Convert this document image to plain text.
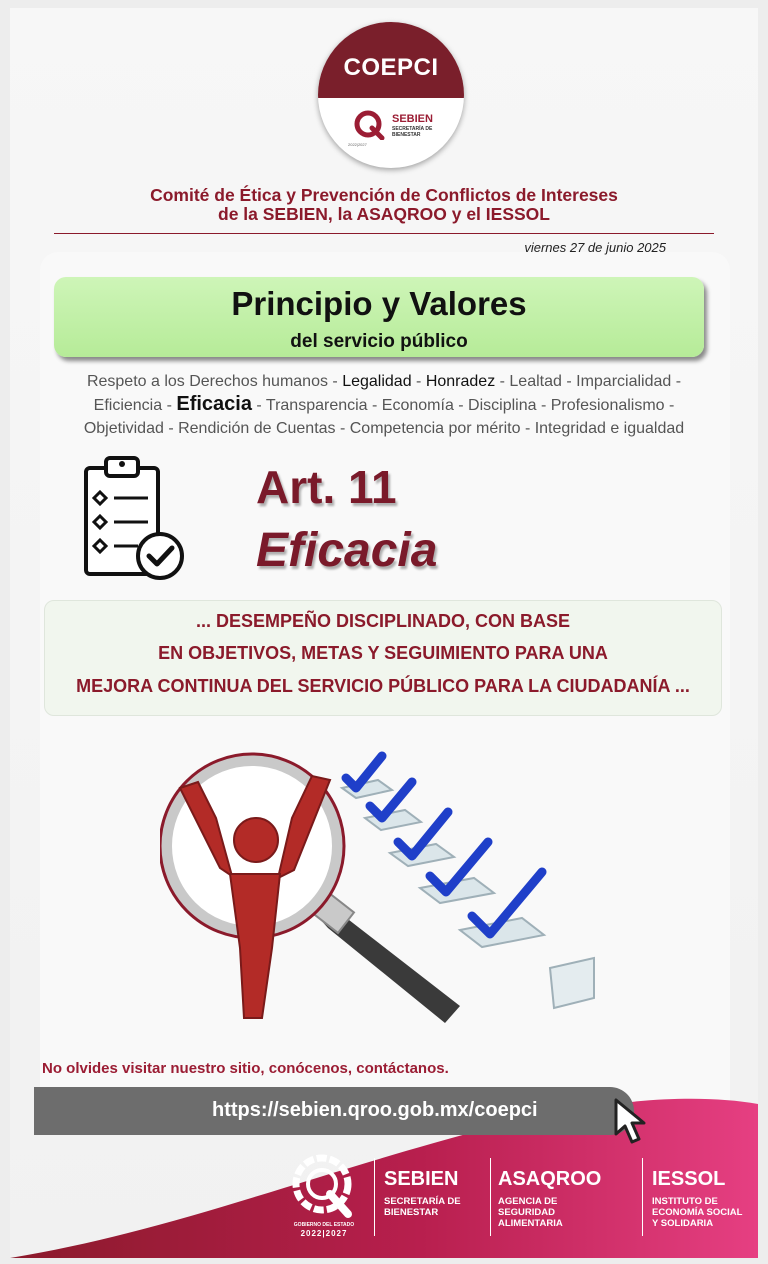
COEPCI
SEBIEN
SECRETARÍA DE BIENESTAR
2022|2027
Comité de Ética y Prevención de Conflictos de Intereses
de la SEBIEN, la ASAQROO y el IESSOL
viernes 27 de junio 2025
Principio y Valores
del servicio público
Respeto a los Derechos humanos - Legalidad - Honradez - Lealtad - Imparcialidad -
Eficiencia - Eficacia - Transparencia - Economía - Disciplina - Profesionalismo -
Objetividad - Rendición de Cuentas - Competencia por mérito - Integridad e igualdad
Art. 11
Eficacia
... DESEMPEÑO DISCIPLINADO, CON BASE
EN OBJETIVOS, METAS Y SEGUIMIENTO PARA UNA
MEJORA CONTINUA DEL SERVICIO PÚBLICO PARA LA CIUDADANÍA ...
No olvides visitar nuestro sitio, conócenos, contáctanos.
https://sebien.qroo.gob.mx/coepci
GOBIERNO DEL ESTADO
2022|2027
SEBIEN
SECRETARÍA DE
BIENESTAR
ASAQROO
AGENCIA DE
SEGURIDAD
ALIMENTARIA
IESSOL
INSTITUTO DE
ECONOMÍA SOCIAL
Y SOLIDARIA
